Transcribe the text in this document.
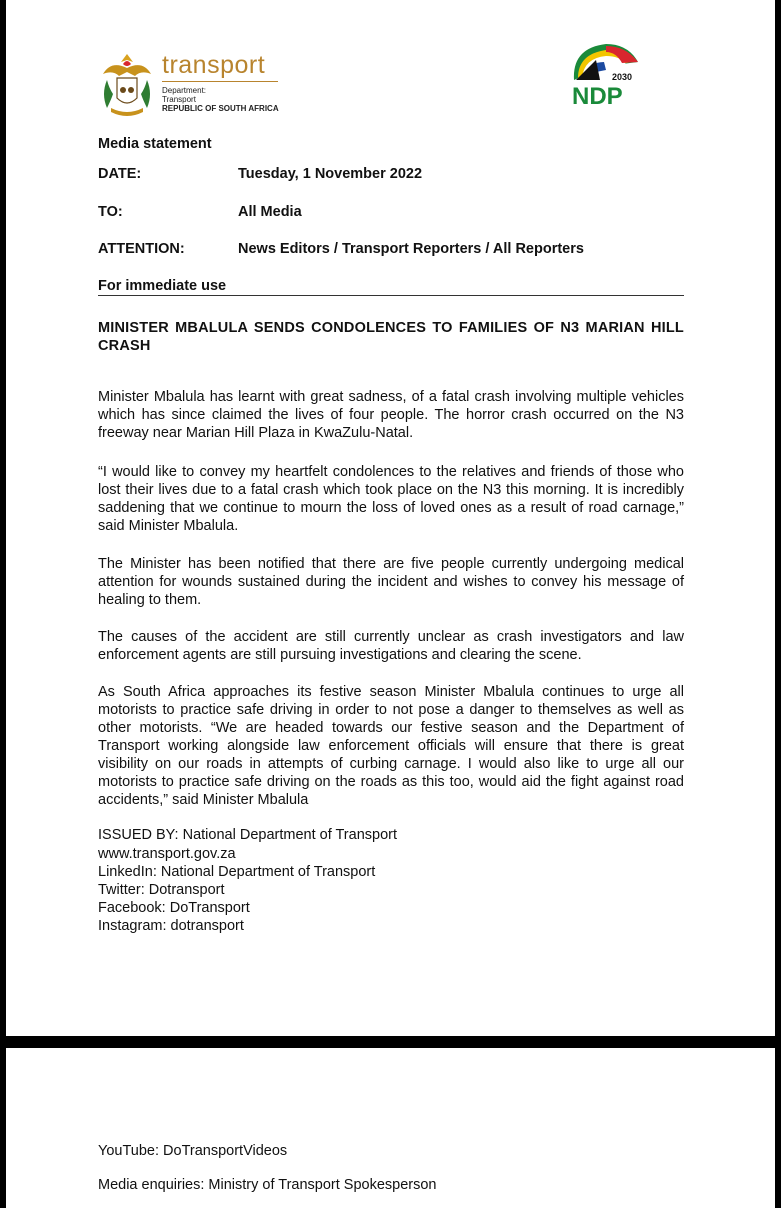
transport
Department:
Transport
REPUBLIC OF SOUTH AFRICA
2030
NDP
Media statement
DATE:	Tuesday, 1 November 2022
TO:	All Media
ATTENTION:	News Editors / Transport Reporters / All Reporters
For immediate use
MINISTER MBALULA SENDS CONDOLENCES TO FAMILIES OF N3 MARIAN HILL CRASH

Minister Mbalula has learnt with great sadness, of a fatal crash involving multiple vehicles which has since claimed the lives of four people. The horror crash occurred on the N3 freeway near Marian Hill Plaza in KwaZulu-Natal.

“I would like to convey my heartfelt condolences to the relatives and friends of those who lost their lives due to a fatal crash which took place on the N3 this morning. It is incredibly saddening that we continue to mourn the loss of loved ones as a result of road carnage,” said Minister Mbalula.

The Minister has been notified that there are five people currently undergoing medical attention for wounds sustained during the incident and wishes to convey his message of healing to them.

The causes of the accident are still currently unclear as crash investigators and law enforcement agents are still pursuing investigations and clearing the scene.

As South Africa approaches its festive season Minister Mbalula continues to urge all motorists to practice safe driving in order to not pose a danger to themselves as well as other motorists. “We are headed towards our festive season and the Department of Transport working alongside law enforcement officials will ensure that there is great visibility on our roads in attempts of curbing carnage. I would also like to urge all our motorists to practice safe driving on the roads as this too, would aid the fight against road accidents,” said Minister Mbalula

ISSUED BY: National Department of Transport
www.transport.gov.za
LinkedIn: National Department of Transport
Twitter: Dotransport
Facebook: DoTransport
Instagram: dotransport
YouTube: DoTransportVideos
Media enquiries: Ministry of Transport Spokesperson
